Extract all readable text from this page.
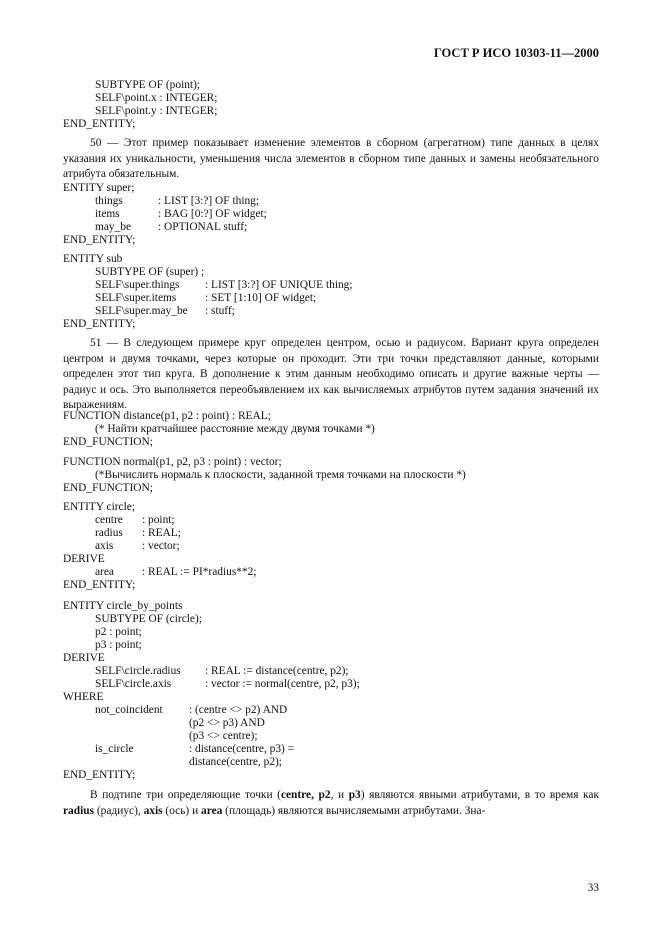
ГОСТ Р ИСО 10303-11—2000
SUBTYPE OF (point);
SELF\point.x : INTEGER;
SELF\point.y : INTEGER;
END_ENTITY;

50 — Этот пример показывает изменение элементов в сборном (агрегатном) типе данных в целях указания их уникальности, уменьшения числа элементов в сборном типе данных и замены необязательного атрибута обязательным.

ENTITY super;
things	: LIST [3:?] OF thing;
items	: BAG [0:?] OF widget;
may_be : OPTIONAL stuff;
END_ENTITY;
ENTITY sub
SUBTYPE OF (super) ;
SELF\super.things : LIST [3:?] OF UNIQUE thing;
SELF\super.items	: SET [1:10] OF widget;
SELF\super.may_be : stuff;
END_ENTITY;

51 — В следующем примере круг определен центром, осью и радиусом. Вариант круга определен центром и двумя точками, через которые он проходит. Эти три точки представляют данные, которыми определен этот тип круга. В дополнение к этим данным необходимо описать и другие важные черты — радиус и ось. Это выполняется переобъявлением их как вычисляемых атрибутов путем задания значений их выражениям.

FUNCTION distance(p1, p2 : point) : REAL;
(* Найти кратчайшее расстояние между двумя точками *)
END_FUNCTION;
FUNCTION normal(p1, p2, p3 : point) : vector;
(*Вычислить нормаль к плоскости, заданной тремя точками на плоскости *)
END_FUNCTION;
ENTITY circle;
centre : point;
radius : REAL;
axis	: vector;
DERIVE
area : REAL := PI*radius**2;
END_ENTITY;
ENTITY circle_by_points
SUBTYPE OF (circle);
p2 : point;
p3 : point;
DERIVE
SELF\circle.radius : REAL := distance(centre, p2);
SELF\circle.axis	: vector := normal(centre, p2, p3);
WHERE
not_coincident : (centre <> p2) AND
(p2 <> p3) AND
(p3 <> centre);
is_circle	: distance(centre, p3) =
distance(centre, p2);
END_ENTITY;

В подтипе три определяющие точки (centre, p2, и p3) являются явными атрибутами, в то время как radius (радиус), axis (ось) и area (площадь) являются вычисляемыми атрибутами. Зна-

33
